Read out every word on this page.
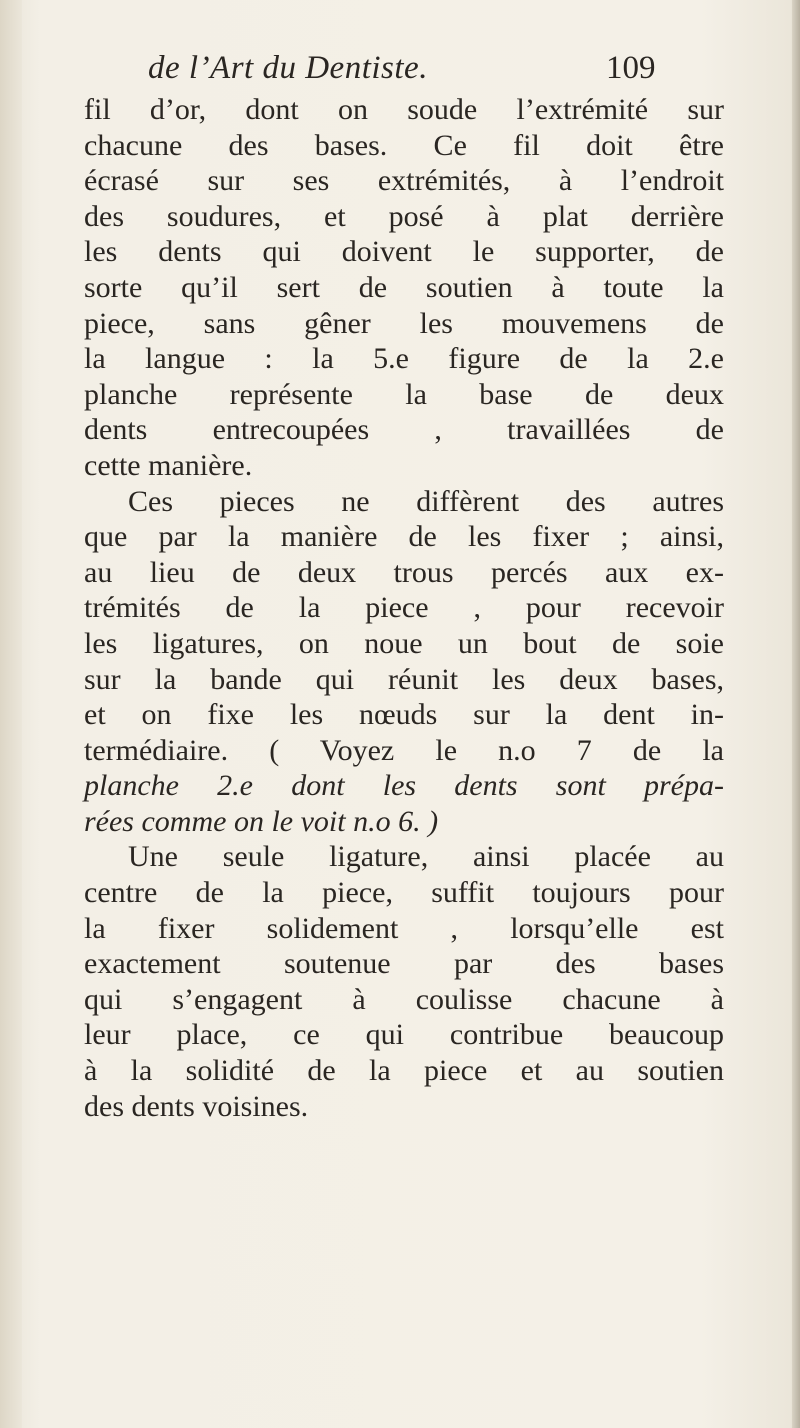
de l’Art du Dentiste.	109
fil d’or, dont on soude l’extrémité sur
chacune des bases. Ce fil doit être
écrasé sur ses extrémités, à l’endroit
des soudures, et posé à plat derrière
les dents qui doivent le supporter, de
sorte qu’il sert de soutien à toute la
piece, sans gêner les mouvemens de
la langue : la 5.e figure de la 2.e
planche représente la base de deux
dents entrecoupées , travaillées de
cette manière.
Ces pieces ne diffèrent des autres
que par la manière de les fixer ; ainsi,
au lieu de deux trous percés aux ex-
trémités de la piece , pour recevoir
les ligatures, on noue un bout de soie
sur la bande qui réunit les deux bases,
et on fixe les nœuds sur la dent in-
termédiaire. ( Voyez le n.o 7 de la
planche 2.e dont les dents sont prépa-
rées comme on le voit n.o 6. )
Une seule ligature, ainsi placée au
centre de la piece, suffit toujours pour
la fixer solidement , lorsqu’elle est
exactement soutenue par des bases
qui s’engagent à coulisse chacune à
leur place, ce qui contribue beaucoup
à la solidité de la piece et au soutien
des dents voisines.
